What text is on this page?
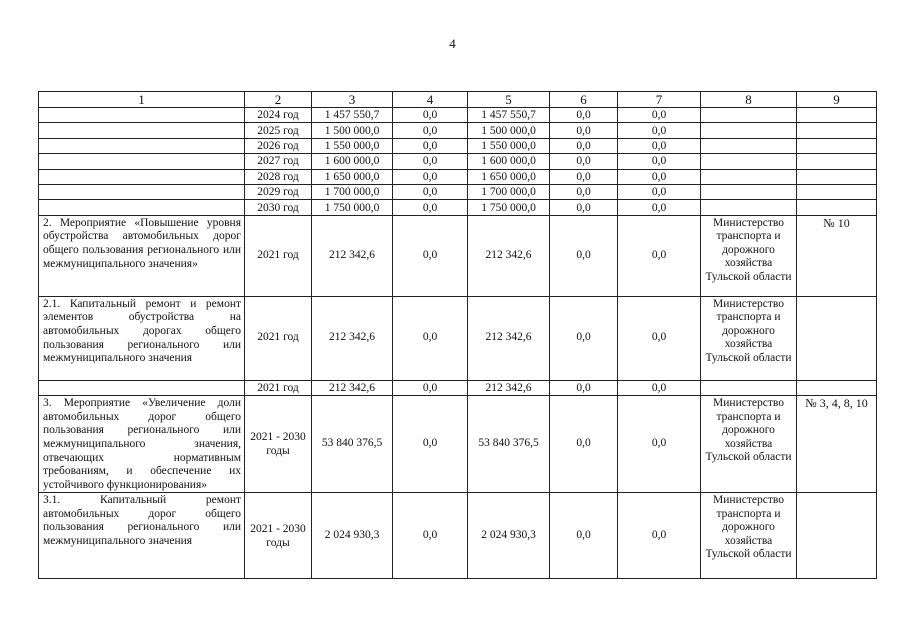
4
1	2	3	4	5	6	7	8	9
	2024 год	1 457 550,7	0,0	1 457 550,7	0,0	0,0		
	2025 год	1 500 000,0	0,0	1 500 000,0	0,0	0,0		
	2026 год	1 550 000,0	0,0	1 550 000,0	0,0	0,0		
	2027 год	1 600 000,0	0,0	1 600 000,0	0,0	0,0		
	2028 год	1 650 000,0	0,0	1 650 000,0	0,0	0,0		
	2029 год	1 700 000,0	0,0	1 700 000,0	0,0	0,0		
	2030 год	1 750 000,0	0,0	1 750 000,0	0,0	0,0		
2. Мероприятие «Повышение уровня обустройства автомобильных дорог общего пользования регионального или межмуниципального значения»	2021 год	212 342,6	0,0	212 342,6	0,0	0,0	Министерство транспорта и дорожного хозяйства Тульской области	№ 10
2.1. Капитальный ремонт и ремонт элементов обустройства на автомобильных дорогах общего пользования регионального или межмуниципального значения	2021 год	212 342,6	0,0	212 342,6	0,0	0,0	Министерство транспорта и дорожного хозяйства Тульской области	
	2021 год	212 342,6	0,0	212 342,6	0,0	0,0		
3. Мероприятие «Увеличение доли автомобильных дорог общего пользования регионального или межмуниципального значения, отвечающих нормативным требованиям, и обеспечение их устойчивого функционирования»	2021 - 2030 годы	53 840 376,5	0,0	53 840 376,5	0,0	0,0	Министерство транспорта и дорожного хозяйства Тульской области	№ 3, 4, 8, 10
3.1. Капитальный ремонт автомобильных дорог общего пользования регионального или межмуниципального значения	2021 - 2030 годы	2 024 930,3	0,0	2 024 930,3	0,0	0,0	Министерство транспорта и дорожного хозяйства Тульской области	
